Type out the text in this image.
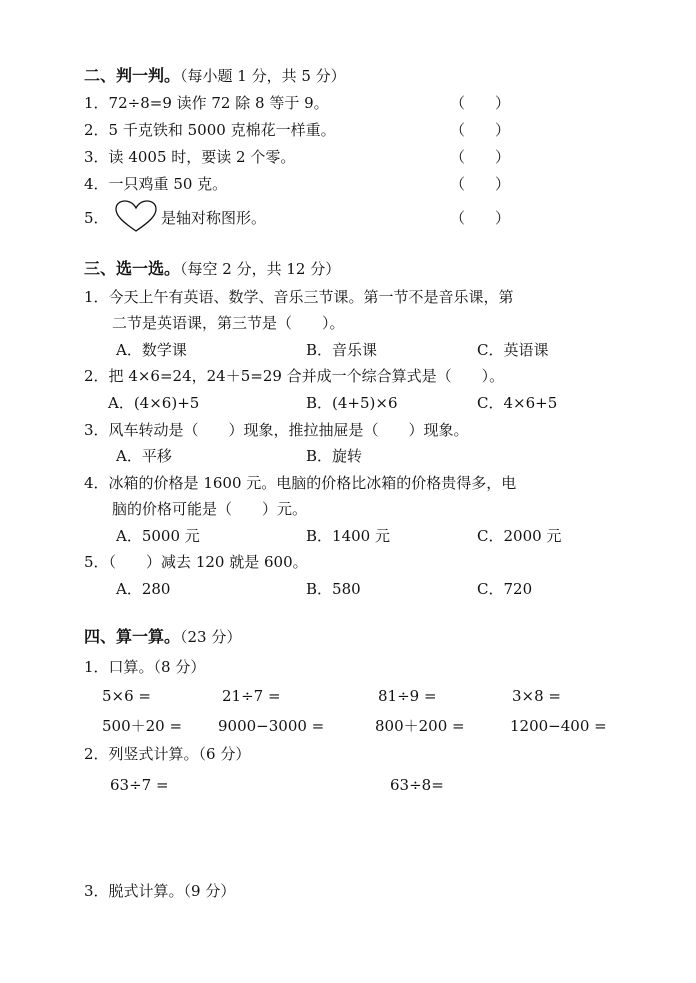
二、判一判。（每小题 1 分，共 5 分）
1．72÷8=9 读作 72 除 8 等于 9。	（　　）
2．5 千克铁和 5000 克棉花一样重。	（　　）
3．读 4005 时，要读 2 个零。	（　　）
4．一只鸡重 50 克。	（　　）
5．	是轴对称图形。	（　　）
三、选一选。（每空 2 分，共 12 分）
1．今天上午有英语、数学、音乐三节课。第一节不是音乐课，第
二节是英语课，第三节是（　　）。
A．数学课	B．音乐课	C．英语课
2．把 4×6=24，24＋5=29 合并成一个综合算式是（　　）。
A．(4×6)+5	B．(4+5)×6	C．4×6+5
3．风车转动是（　　）现象，推拉抽屉是（　　）现象。
A．平移	B．旋转
4．冰箱的价格是 1600 元。电脑的价格比冰箱的价格贵得多，电
脑的价格可能是（　　）元。
A．5000 元	B．1400 元	C．2000 元
5．（　　）减去 120 就是 600。
A．280	B．580	C．720
四、算一算。（23 分）
1．口算。（8 分）
5×6 =	21÷7 =	81÷9 =	3×8 =
500＋20 = 9000−3000 =	800＋200 =	1200−400 =
2．列竖式计算。（6 分）
63÷7 =	63÷8=
3．脱式计算。（9 分）
